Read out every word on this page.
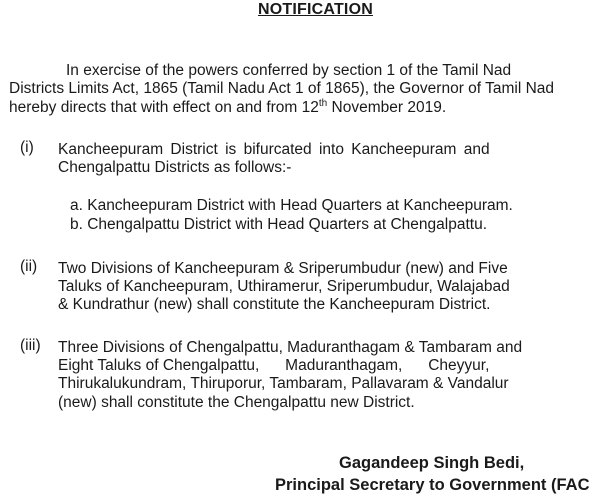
NOTIFICATION
In exercise of the powers conferred by section 1 of the Tamil Nad
Districts Limits Act, 1865 (Tamil Nadu Act 1 of 1865), the Governor of Tamil Nad
hereby directs that with effect on and from 12th November 2019.
(i) Kancheepuram District is bifurcated into Kancheepuram and
Chengalpattu Districts as follows:-
a. Kancheepuram District with Head Quarters at Kancheepuram.
b. Chengalpattu District with Head Quarters at Chengalpattu.
(ii) Two Divisions of Kancheepuram & Sriperumbudur (new) and Five
Taluks of Kancheepuram, Uthiramerur, Sriperumbudur, Walajabad
& Kundrathur (new) shall constitute the Kancheepuram District.
(iii) Three Divisions of Chengalpattu, Maduranthagam & Tambaram and
Eight Taluks of Chengalpattu,      Maduranthagam,      Cheyyur,
Thirukalukundram, Thiruporur, Tambaram, Pallavaram & Vandalur
(new) shall constitute the Chengalpattu new District.
Gagandeep Singh Bedi,
Principal Secretary to Government (FAC
